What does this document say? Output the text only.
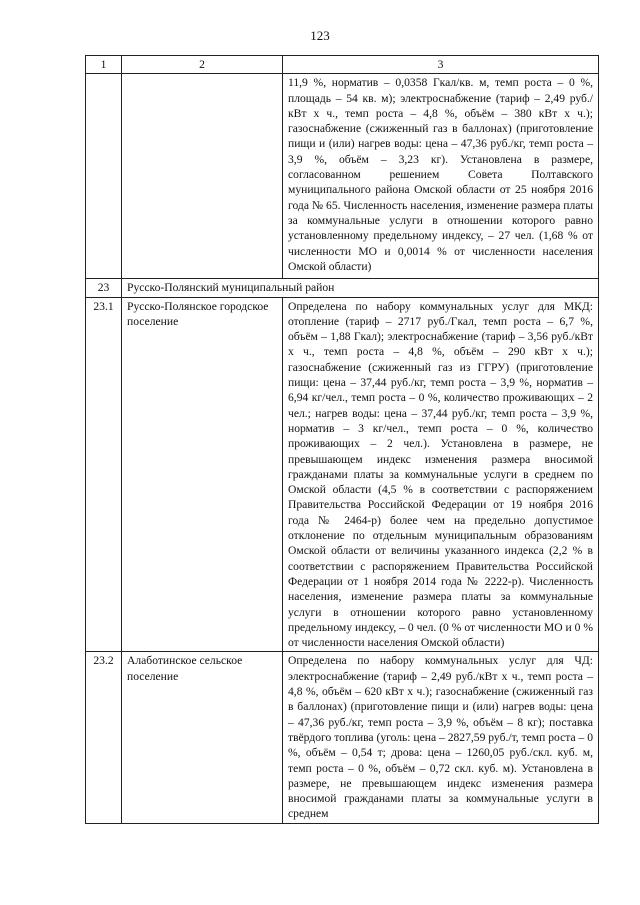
123
1	2	3
		11,9 %, норматив – 0,0358 Гкал/кв. м, темп роста – 0 %, площадь – 54 кв. м); электроснабжение (тариф – 2,49 руб./кВт х ч., темп роста – 4,8 %, объём – 380 кВт х ч.); газоснабжение (сжиженный газ в баллонах) (приготовление пищи и (или) нагрев воды: цена – 47,36 руб./кг, темп роста – 3,9 %, объём – 3,23 кг). Установлена в размере, согласованном решением Совета Полтавского муниципального района Омской области от 25 ноября 2016 года № 65. Численность населения, изменение размера платы за коммунальные услуги в отношении которого равно установленному предельному индексу, – 27 чел. (1,68 % от численности МО и 0,0014 % от численности населения Омской области)
23	Русско-Полянский муниципальный район	
23.1	Русско-Полянское городское поселение	Определена по набору коммунальных услуг для МКД: отопление (тариф – 2717 руб./Гкал, темп роста – 6,7 %, объём – 1,88 Гкал); электроснабжение (тариф – 3,56 руб./кВт х ч., темп роста – 4,8 %, объём – 290 кВт х ч.); газоснабжение (сжиженный газ из ГГРУ) (приготовление пищи: цена – 37,44 руб./кг, темп роста – 3,9 %, норматив – 6,94 кг/чел., темп роста – 0 %, количество проживающих – 2 чел.; нагрев воды: цена – 37,44 руб./кг, темп роста – 3,9 %, норматив – 3 кг/чел., темп роста – 0 %, количество проживающих – 2 чел.). Установлена в размере, не превышающем индекс изменения размера вносимой гражданами платы за коммунальные услуги в среднем по Омской области (4,5 % в соответствии с распоряжением Правительства Российской Федерации от 19 ноября 2016 года № 2464-р) более чем на предельно допустимое отклонение по отдельным муниципальным образованиям Омской области от величины указанного индекса (2,2 % в соответствии с распоряжением Правительства Российской Федерации от 1 ноября 2014 года № 2222-р). Численность населения, изменение размера платы за коммунальные услуги в отношении которого равно установленному предельному индексу, – 0 чел. (0 % от численности МО и 0 % от численности населения Омской области)
23.2	Алаботинское сельское поселение	Определена по набору коммунальных услуг для ЧД: электроснабжение (тариф – 2,49 руб./кВт х ч., темп роста – 4,8 %, объём – 620 кВт х ч.); газоснабжение (сжиженный газ в баллонах) (приготовление пищи и (или) нагрев воды: цена – 47,36 руб./кг, темп роста – 3,9 %, объём – 8 кг); поставка твёрдого топлива (уголь: цена – 2827,59 руб./т, темп роста – 0 %, объём – 0,54 т; дрова: цена – 1260,05 руб./скл. куб. м, темп роста – 0 %, объём – 0,72 скл. куб. м). Установлена в размере, не превышающем индекс изменения размера вносимой гражданами платы за коммунальные услуги в среднем
